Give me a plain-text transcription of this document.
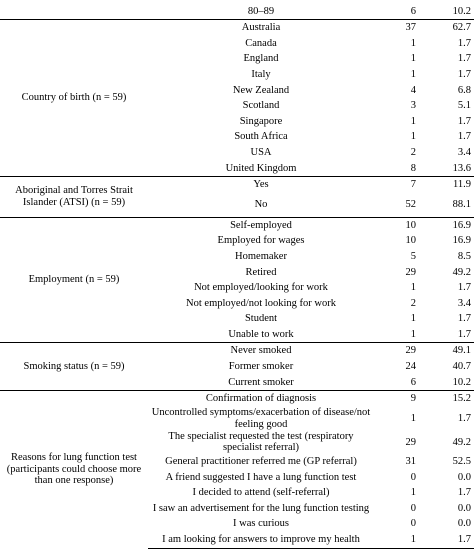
	80–89	6	10.2
Country of birth (n = 59)	Australia	37	62.7
	Canada	1	1.7
	England	1	1.7
	Italy	1	1.7
	New Zealand	4	6.8
	Scotland	3	5.1
	Singapore	1	1.7
	South Africa	1	1.7
	USA	2	3.4
	United Kingdom	8	13.6
Aboriginal and Torres Strait Islander (ATSI) (n = 59)	Yes	7	11.9
	No	52	88.1
Employment (n = 59)	Self-employed	10	16.9
	Employed for wages	10	16.9
	Homemaker	5	8.5
	Retired	29	49.2
	Not employed/looking for work	1	1.7
	Not employed/not looking for work	2	3.4
	Student	1	1.7
	Unable to work	1	1.7
Smoking status (n = 59)	Never smoked	29	49.1
	Former smoker	24	40.7
	Current smoker	6	10.2
Reasons for lung function test (participants could choose more than one response)	Confirmation of diagnosis	9	15.2
	Uncontrolled symptoms/exacerbation of disease/not feeling good	1	1.7
	The specialist requested the test (respiratory specialist referral)	29	49.2
	General practitioner referred me (GP referral)	31	52.5
	A friend suggested I have a lung function test	0	0.0
	I decided to attend (self-referral)	1	1.7
	I saw an advertisement for the lung function testing	0	0.0
	I was curious	0	0.0
	I am looking for answers to improve my health	1	1.7
